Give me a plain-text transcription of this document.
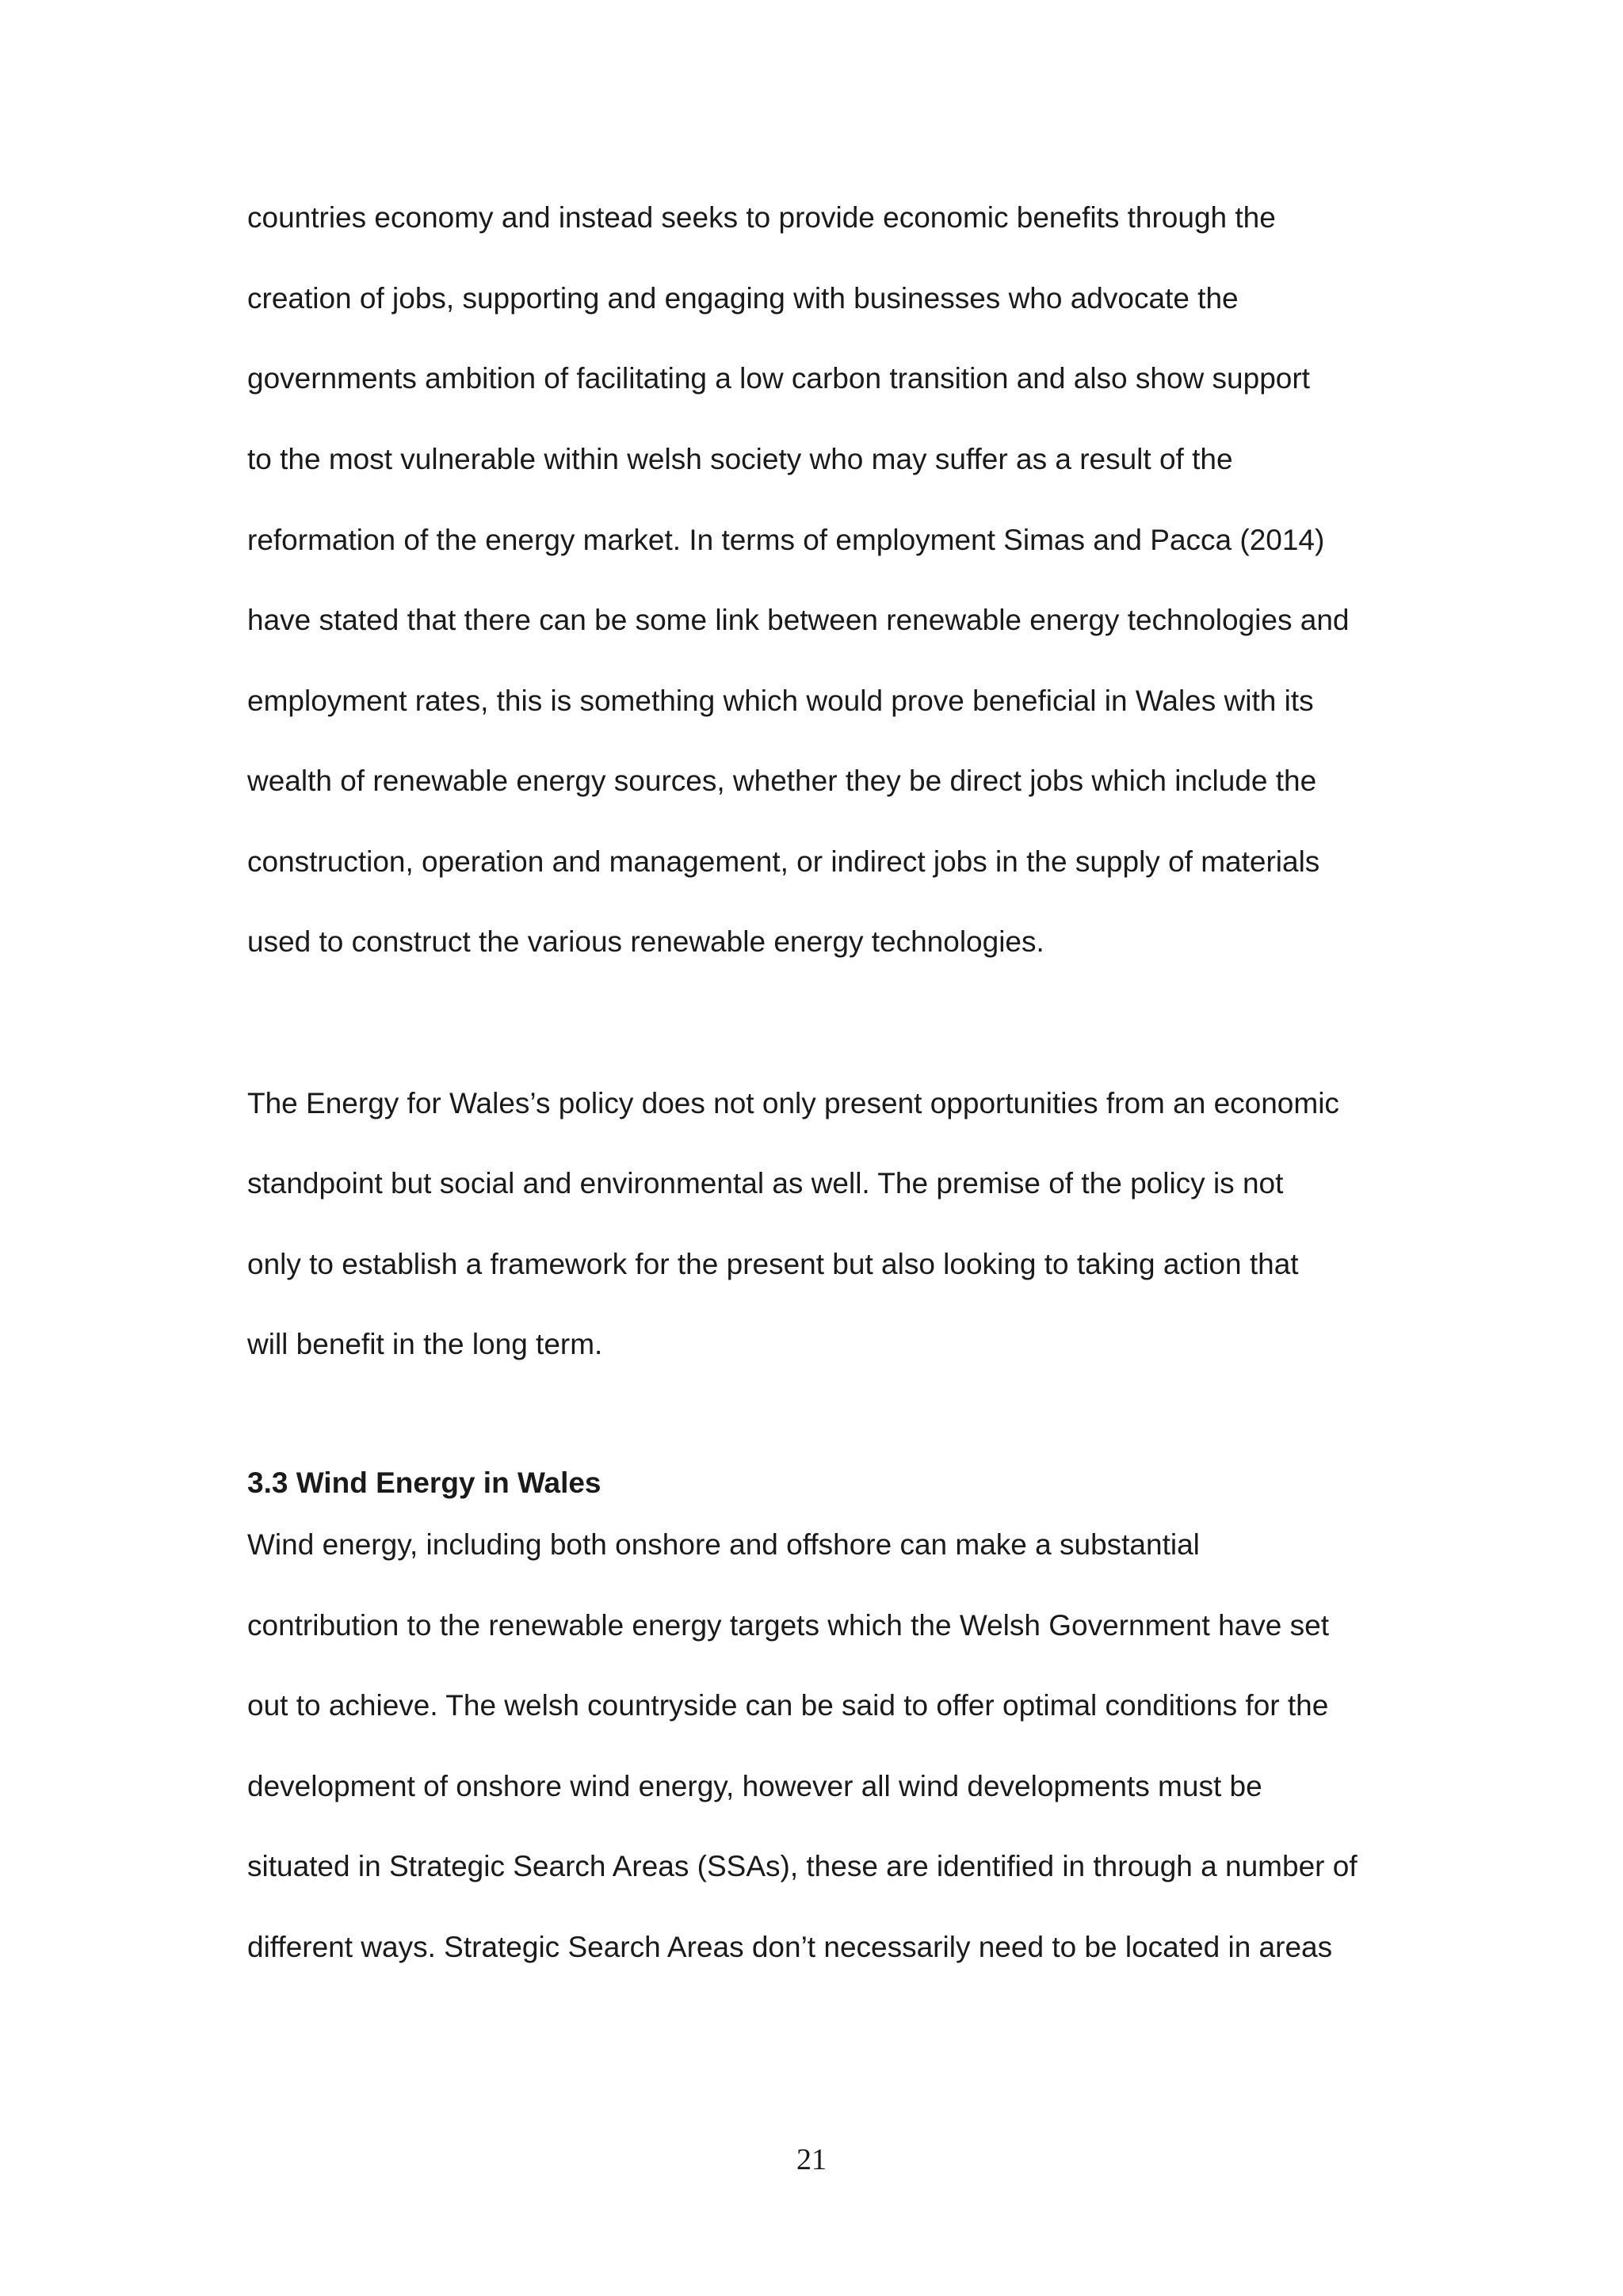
countries economy and instead seeks to provide economic benefits through the
creation of jobs, supporting and engaging with businesses who advocate the
governments ambition of facilitating a low carbon transition and also show support
to the most vulnerable within welsh society who may suffer as a result of the
reformation of the energy market. In terms of employment Simas and Pacca (2014)
have stated that there can be some link between renewable energy technologies and
employment rates, this is something which would prove beneficial in Wales with its
wealth of renewable energy sources, whether they be direct jobs which include the
construction, operation and management, or indirect jobs in the supply of materials
used to construct the various renewable energy technologies.
The Energy for Wales’s policy does not only present opportunities from an economic
standpoint but social and environmental as well. The premise of the policy is not
only to establish a framework for the present but also looking to taking action that
will benefit in the long term.
3.3 Wind Energy in Wales
Wind energy, including both onshore and offshore can make a substantial
contribution to the renewable energy targets which the Welsh Government have set
out to achieve. The welsh countryside can be said to offer optimal conditions for the
development of onshore wind energy, however all wind developments must be
situated in Strategic Search Areas (SSAs), these are identified in through a number of
different ways. Strategic Search Areas don’t necessarily need to be located in areas
21
